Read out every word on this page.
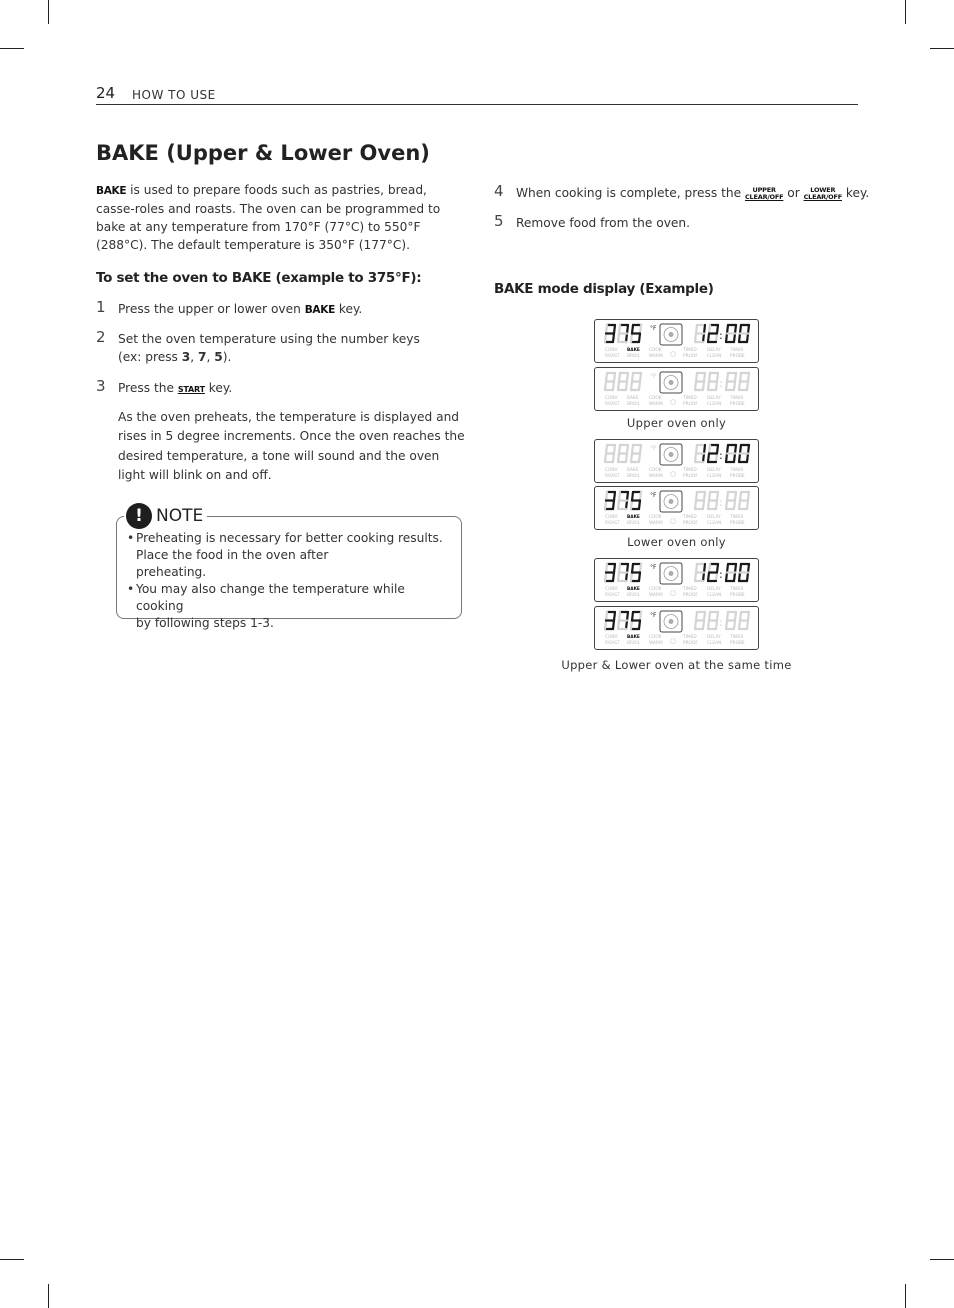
24 HOW TO USE
BAKE (Upper & Lower Oven)
BAKE is used to prepare foods such as pastries, bread, casse-roles and roasts. The oven can be programmed to bake at any temperature from 170°F (77°C) to 550°F (288°C). The default temperature is 350°F (177°C).
To set the oven to BAKE (example to 375°F):
1 Press the upper or lower oven BAKE key.
2 Set the oven temperature using the number keys
(ex: press 3, 7, 5).
3 Press the START key.
As the oven preheats, the temperature is displayed and rises in 5 degree increments. Once the oven reaches the desired temperature, a tone will sound and the oven light will blink on and off.
! NOTE
• Preheating is necessary for better cooking results.
Place the food in the oven after
preheating.
• You may also change the temperature while cooking
by following steps 1-3.
4 When cooking is complete, press the	UPPER
CLEAR/OFF or	LOWER
CLEAR/OFF key.
5 Remove food from the oven.
BAKE mode display (Example)
°F
:
CONV
ROAST
BAKE
BROIL
COOK
WARM
TIMED
PROOF
DELAY
CLEAN
TIMER
PROBE
°F
:
CONV
ROAST
BAKE
BROIL
COOK
WARM
TIMED
PROOF
DELAY
CLEAN
TIMER
PROBE
Upper oven only
°F
:
CONV
ROAST
BAKE
BROIL
COOK
WARM
TIMED
PROOF
DELAY
CLEAN
TIMER
PROBE
°F
:
CONV
ROAST
BAKE
BROIL
COOK
WARM
TIMED
PROOF
DELAY
CLEAN
TIMER
PROBE
Lower oven only
°F
:
CONV
ROAST
BAKE
BROIL
COOK
WARM
TIMED
PROOF
DELAY
CLEAN
TIMER
PROBE
°F
:
CONV
ROAST
BAKE
BROIL
COOK
WARM
TIMED
PROOF
DELAY
CLEAN
TIMER
PROBE
Upper & Lower oven at the same time
